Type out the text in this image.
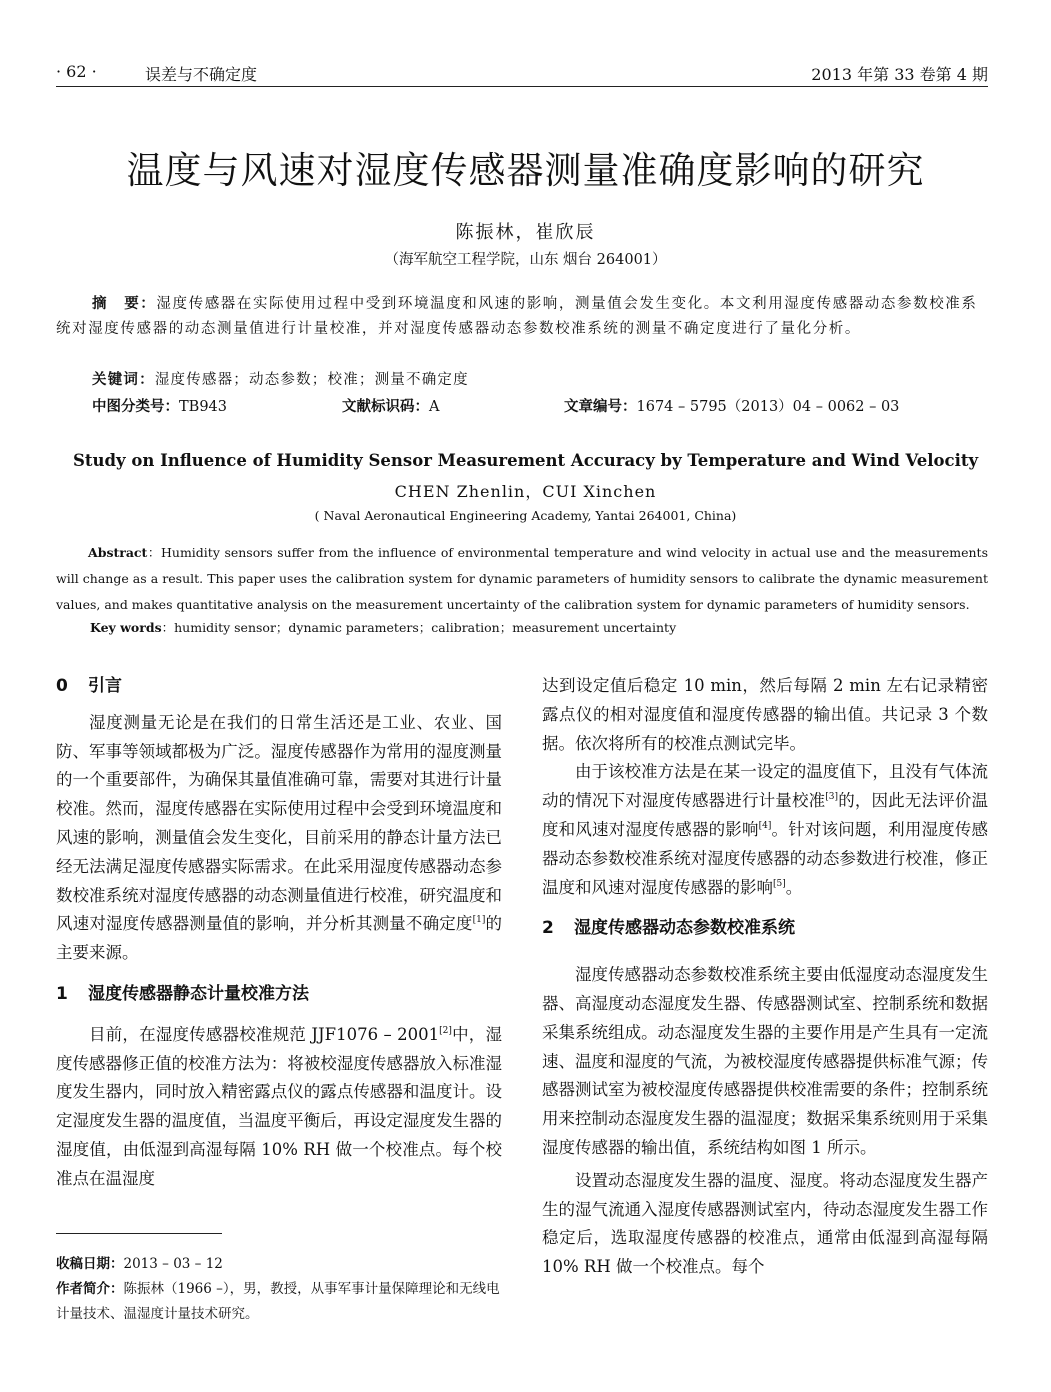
· 62 ·	误差与不确定度	2013 年第 33 卷第 4 期
温度与风速对湿度传感器测量准确度影响的研究
陈振林，崔欣辰
（海军航空工程学院，山东 烟台 264001）
摘　要：湿度传感器在实际使用过程中受到环境温度和风速的影响，测量值会发生变化。本文利用湿度传感器动态参数校准系统对湿度传感器的动态测量值进行计量校准，并对湿度传感器动态参数校准系统的测量不确定度进行了量化分析。
关键词：湿度传感器；动态参数；校准；测量不确定度
中图分类号：TB943	文献标识码：A	文章编号：1674 – 5795（2013）04 – 0062 – 03
Study on Influence of Humidity Sensor Measurement Accuracy by Temperature and Wind Velocity
CHEN Zhenlin，CUI Xinchen
( Naval Aeronautical Engineering Academy, Yantai 264001, China)
Abstract：Humidity sensors suffer from the influence of environmental temperature and wind velocity in actual use and the measurements will change as a result. This paper uses the calibration system for dynamic parameters of humidity sensors to calibrate the dynamic measurement values, and makes quantitative analysis on the measurement uncertainty of the calibration system for dynamic parameters of humidity sensors.
Key words：humidity sensor；dynamic parameters；calibration；measurement uncertainty
0 引言

湿度测量无论是在我们的日常生活还是工业、农业、国防、军事等领域都极为广泛。湿度传感器作为常用的湿度测量的一个重要部件，为确保其量值准确可靠，需要对其进行计量校准。然而，湿度传感器在实际使用过程中会受到环境温度和风速的影响，测量值会发生变化，目前采用的静态计量方法已经无法满足湿度传感器实际需求。在此采用湿度传感器动态参数校准系统对湿度传感器的动态测量值进行校准，研究温度和风速对湿度传感器测量值的影响，并分析其测量不确定度[1]的主要来源。

1 湿度传感器静态计量校准方法

目前，在湿度传感器校准规范 JJF1076 – 2001[2]中，湿度传感器修正值的校准方法为：将被校湿度传感器放入标准湿度发生器内，同时放入精密露点仪的露点传感器和温度计。设定湿度发生器的温度值，当温度平衡后，再设定湿度发生器的湿度值，由低湿到高湿每隔 10% RH 做一个校准点。每个校准点在温湿度

达到设定值后稳定 10 min，然后每隔 2 min 左右记录精密露点仪的相对湿度值和湿度传感器的输出值。共记录 3 个数据。依次将所有的校准点测试完毕。

由于该校准方法是在某一设定的温度值下，且没有气体流动的情况下对湿度传感器进行计量校准[3]的，因此无法评价温度和风速对湿度传感器的影响[4]。针对该问题，利用湿度传感器动态参数校准系统对湿度传感器的动态参数进行校准，修正温度和风速对湿度传感器的影响[5]。

2 湿度传感器动态参数校准系统

湿度传感器动态参数校准系统主要由低湿度动态湿度发生器、高湿度动态湿度发生器、传感器测试室、控制系统和数据采集系统组成。动态湿度发生器的主要作用是产生具有一定流速、温度和湿度的气流，为被校湿度传感器提供标准气源；传感器测试室为被校湿度传感器提供校准需要的条件；控制系统用来控制动态湿度发生器的温湿度；数据采集系统则用于采集湿度传感器的输出值，系统结构如图 1 所示。

设置动态湿度发生器的温度、湿度。将动态湿度发生器产生的湿气流通入湿度传感器测试室内，待动态湿度发生器工作稳定后，选取湿度传感器的校准点，通常由低湿到高湿每隔 10% RH 做一个校准点。每个

收稿日期：2013 – 03 – 12
作者简介：陈振林（1966 –），男，教授，从事军事计量保障理论和无线电计量技术、温湿度计量技术研究。
